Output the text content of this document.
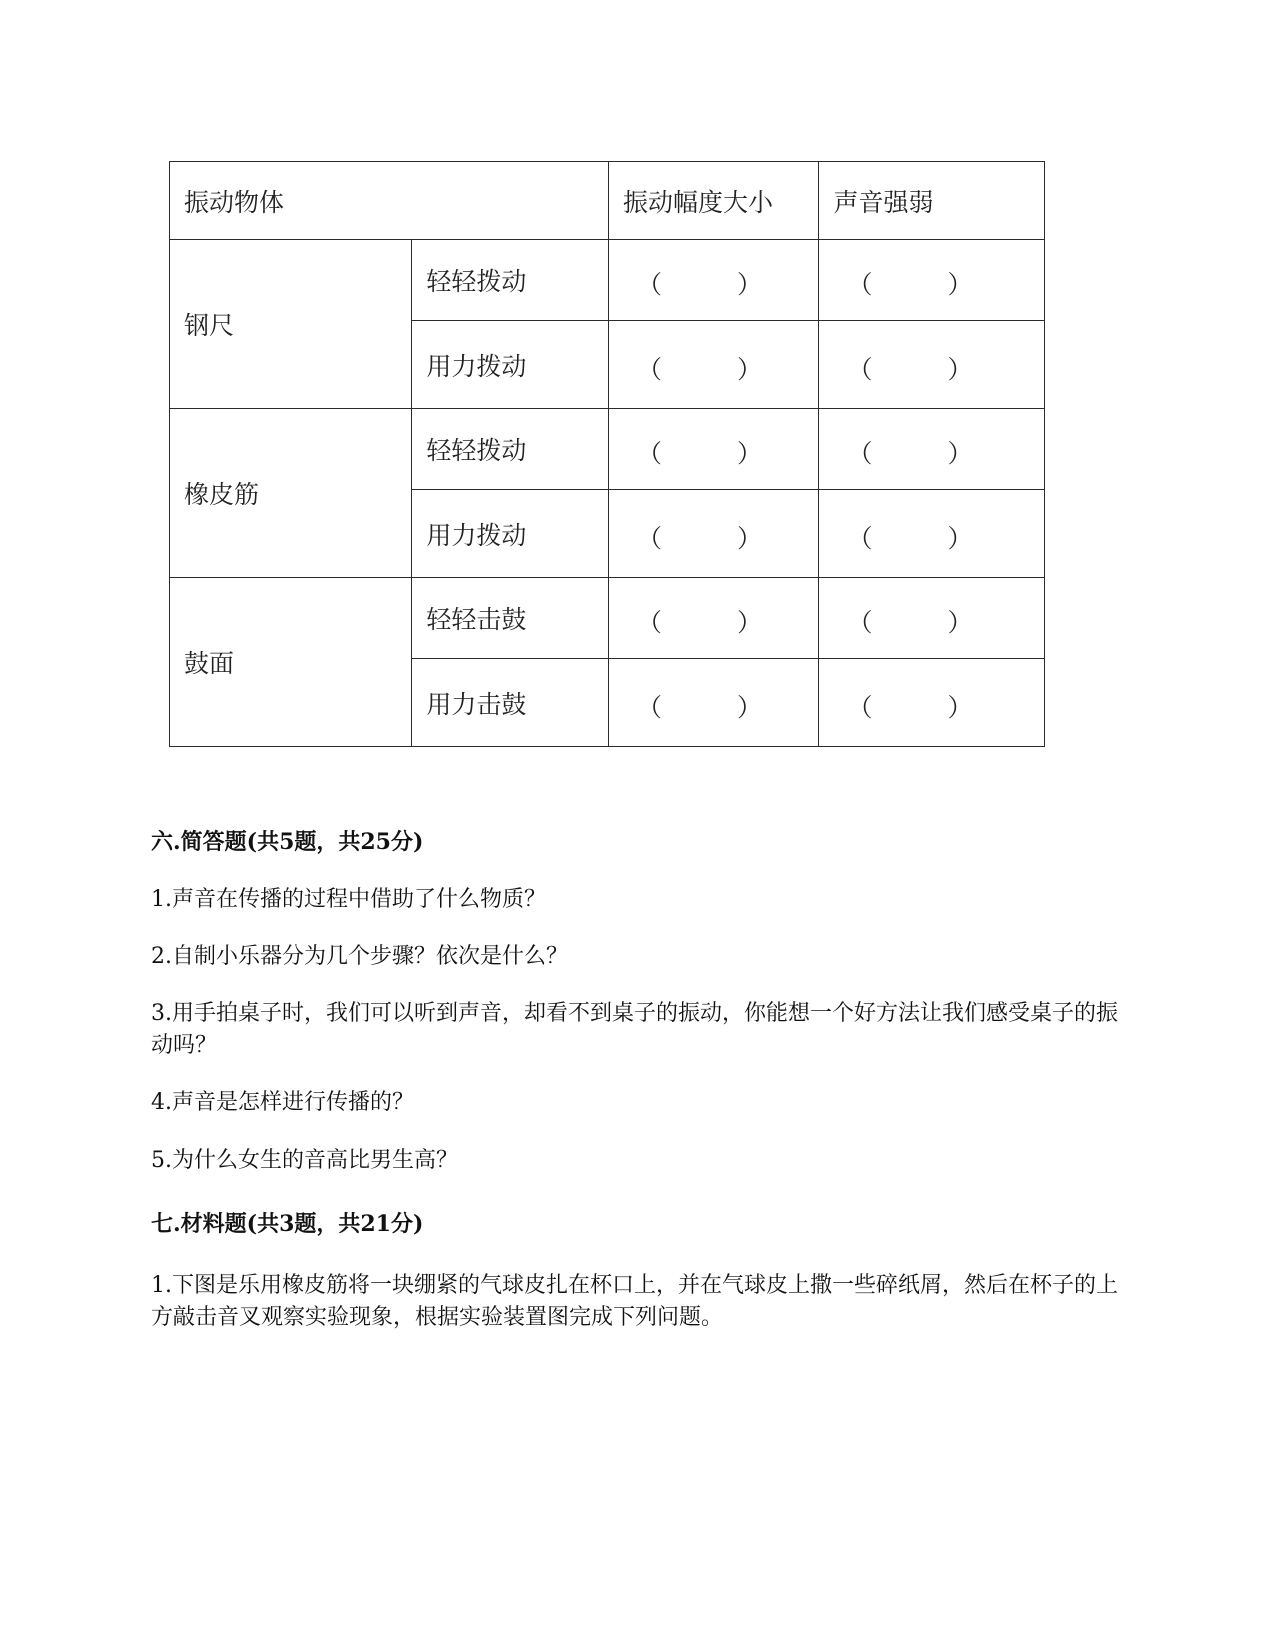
振动物体		振动幅度大小	声音强弱
钢尺	轻轻拨动	（ ）	（ ）

	用力拨动	（ ）	（ ）

橡皮筋	轻轻拨动	（ ）	（ ）

	用力拨动	（ ）	（ ）

鼓面	轻轻击鼓	（ ）	（ ）

	用力击鼓	（ ）	（ ）
六.简答题(共5题，共25分)
1.声音在传播的过程中借助了什么物质？
2.自制小乐器分为几个步骤？依次是什么？
3.用手拍桌子时，我们可以听到声音，却看不到桌子的振动，你能想一个好方法让我们感受桌子的振动吗？
4.声音是怎样进行传播的？
5.为什么女生的音高比男生高？
七.材料题(共3题，共21分)
1.下图是乐用橡皮筋将一块绷紧的气球皮扎在杯口上，并在气球皮上撒一些碎纸屑，然后在杯子的上方敲击音叉观察实验现象，根据实验装置图完成下列问题。
